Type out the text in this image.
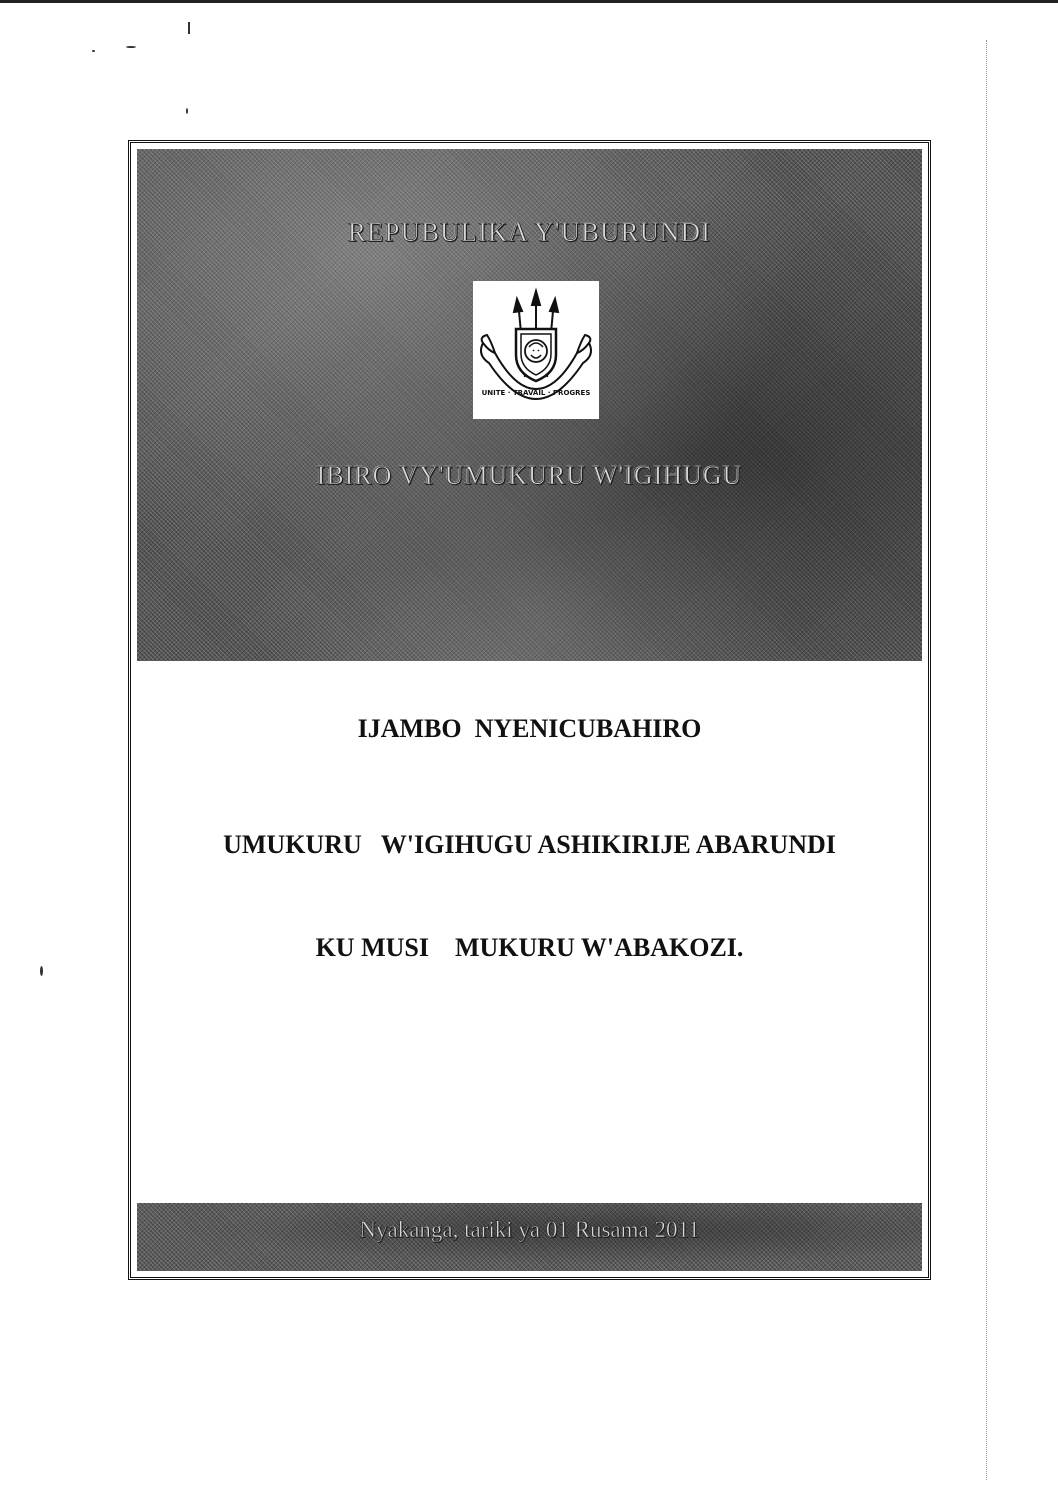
REPUBULIKA Y'UBURUNDI
UNITE · TRAVAIL · PROGRES
IBIRO VY'UMUKURU W'IGIHUGU
IJAMBO  NYENICUBAHIRO
UMUKURU   W'IGIHUGU ASHIKIRIJE ABARUNDI
KU MUSI    MUKURU W'ABAKOZI.
Nyakanga, tariki ya 01 Rusama 2011
